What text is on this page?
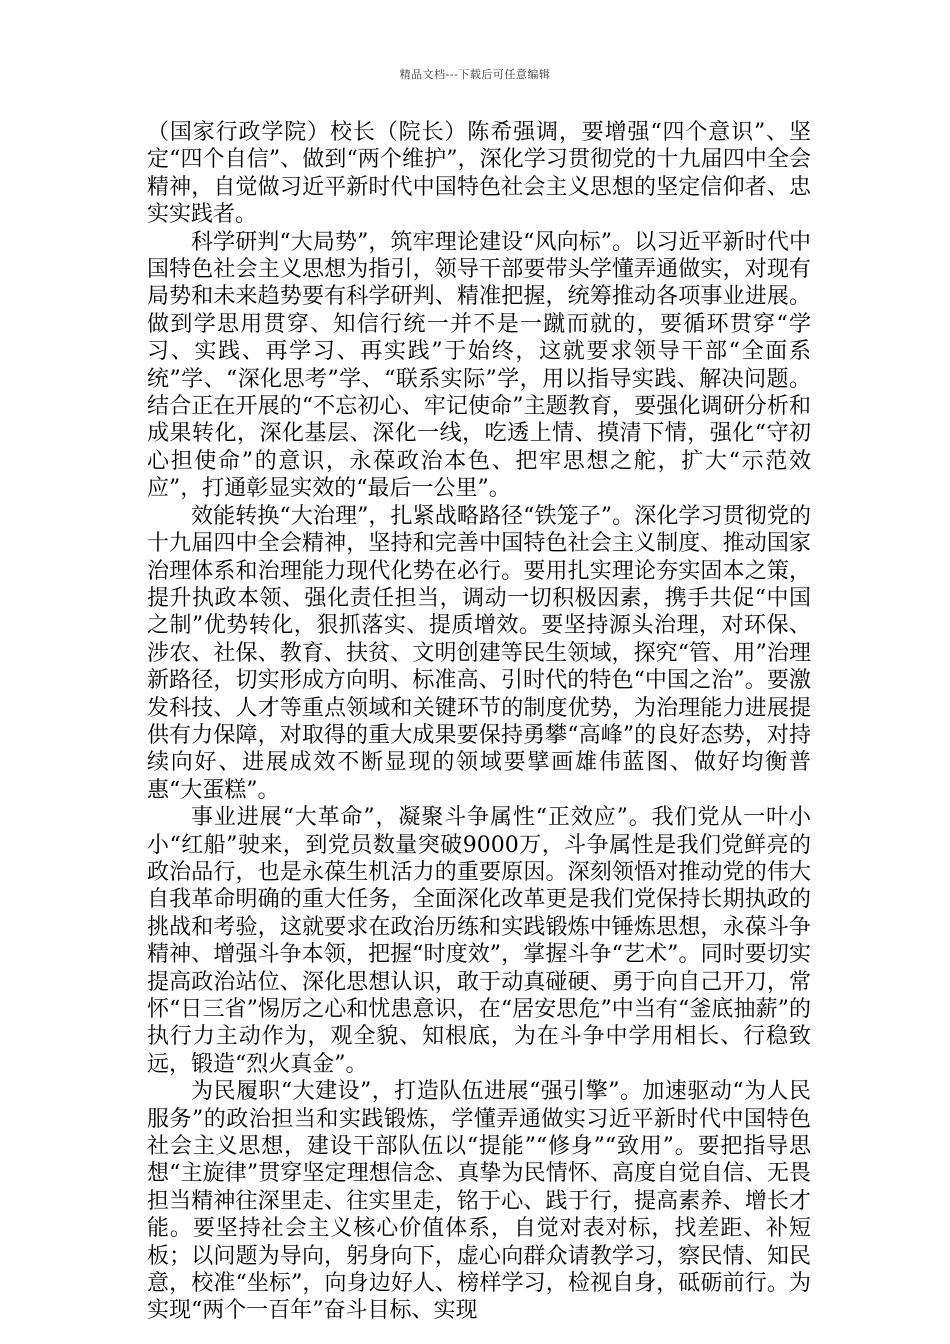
精品文档---下载后可任意编辑

（国家行政学院）校长（院长）陈希强调，要增强“四个意识”、坚定“四个自信”、做到“两个维护”，深化学习贯彻党的十九届四中全会精神，自觉做习近平新时代中国特色社会主义思想的坚定信仰者、忠实实践者。

科学研判“大局势”，筑牢理论建设“风向标”。以习近平新时代中国特色社会主义思想为指引，领导干部要带头学懂弄通做实，对现有局势和未来趋势要有科学研判、精准把握，统筹推动各项事业进展。做到学思用贯穿、知信行统一并不是一蹴而就的，要循环贯穿“学习、实践、再学习、再实践”于始终，这就要求领导干部“全面系统”学、“深化思考”学、“联系实际”学，用以指导实践、解决问题。结合正在开展的“不忘初心、牢记使命”主题教育，要强化调研分析和成果转化，深化基层、深化一线，吃透上情、摸清下情，强化“守初心担使命”的意识，永葆政治本色、把牢思想之舵，扩大“示范效应”，打通彰显实效的“最后一公里”。

效能转换“大治理”，扎紧战略路径“铁笼子”。深化学习贯彻党的十九届四中全会精神，坚持和完善中国特色社会主义制度、推动国家治理体系和治理能力现代化势在必行。要用扎实理论夯实固本之策，提升执政本领、强化责任担当，调动一切积极因素，携手共促“中国之制”优势转化，狠抓落实、提质增效。要坚持源头治理，对环保、涉农、社保、教育、扶贫、文明创建等民生领域，探究“管、用”治理新路径，切实形成方向明、标准高、引时代的特色“中国之治”。要激发科技、人才等重点领域和关键环节的制度优势，为治理能力进展提供有力保障，对取得的重大成果要保持勇攀“高峰”的良好态势，对持续向好、进展成效不断显现的领域要擘画雄伟蓝图、做好均衡普惠“大蛋糕”。

事业进展“大革命”，凝聚斗争属性“正效应”。我们党从一叶小小“红船”驶来，到党员数量突破9000万，斗争属性是我们党鲜亮的政治品行，也是永葆生机活力的重要原因。深刻领悟对推动党的伟大自我革命明确的重大任务，全面深化改革更是我们党保持长期执政的挑战和考验，这就要求在政治历练和实践锻炼中锤炼思想，永葆斗争精神、增强斗争本领，把握“时度效”，掌握斗争“艺术”。同时要切实提高政治站位、深化思想认识，敢于动真碰硬、勇于向自己开刀，常怀“日三省”惕厉之心和忧患意识，在“居安思危”中当有“釜底抽薪”的执行力主动作为，观全貌、知根底，为在斗争中学用相长、行稳致远，锻造“烈火真金”。

为民履职“大建设”，打造队伍进展“强引擎”。加速驱动“为人民服务”的政治担当和实践锻炼，学懂弄通做实习近平新时代中国特色社会主义思想，建设干部队伍以“提能”“修身”“致用”。要把指导思想“主旋律”贯穿坚定理想信念、真挚为民情怀、高度自觉自信、无畏担当精神往深里走、往实里走，铭于心、践于行，提高素养、增长才能。要坚持社会主义核心价值体系，自觉对表对标，找差距、补短板；以问题为导向，躬身向下，虚心向群众请教学习，察民情、知民意，校准“坐标”，向身边好人、榜样学习，检视自身，砥砺前行。为实现“两个一百年”奋斗目标、实现
